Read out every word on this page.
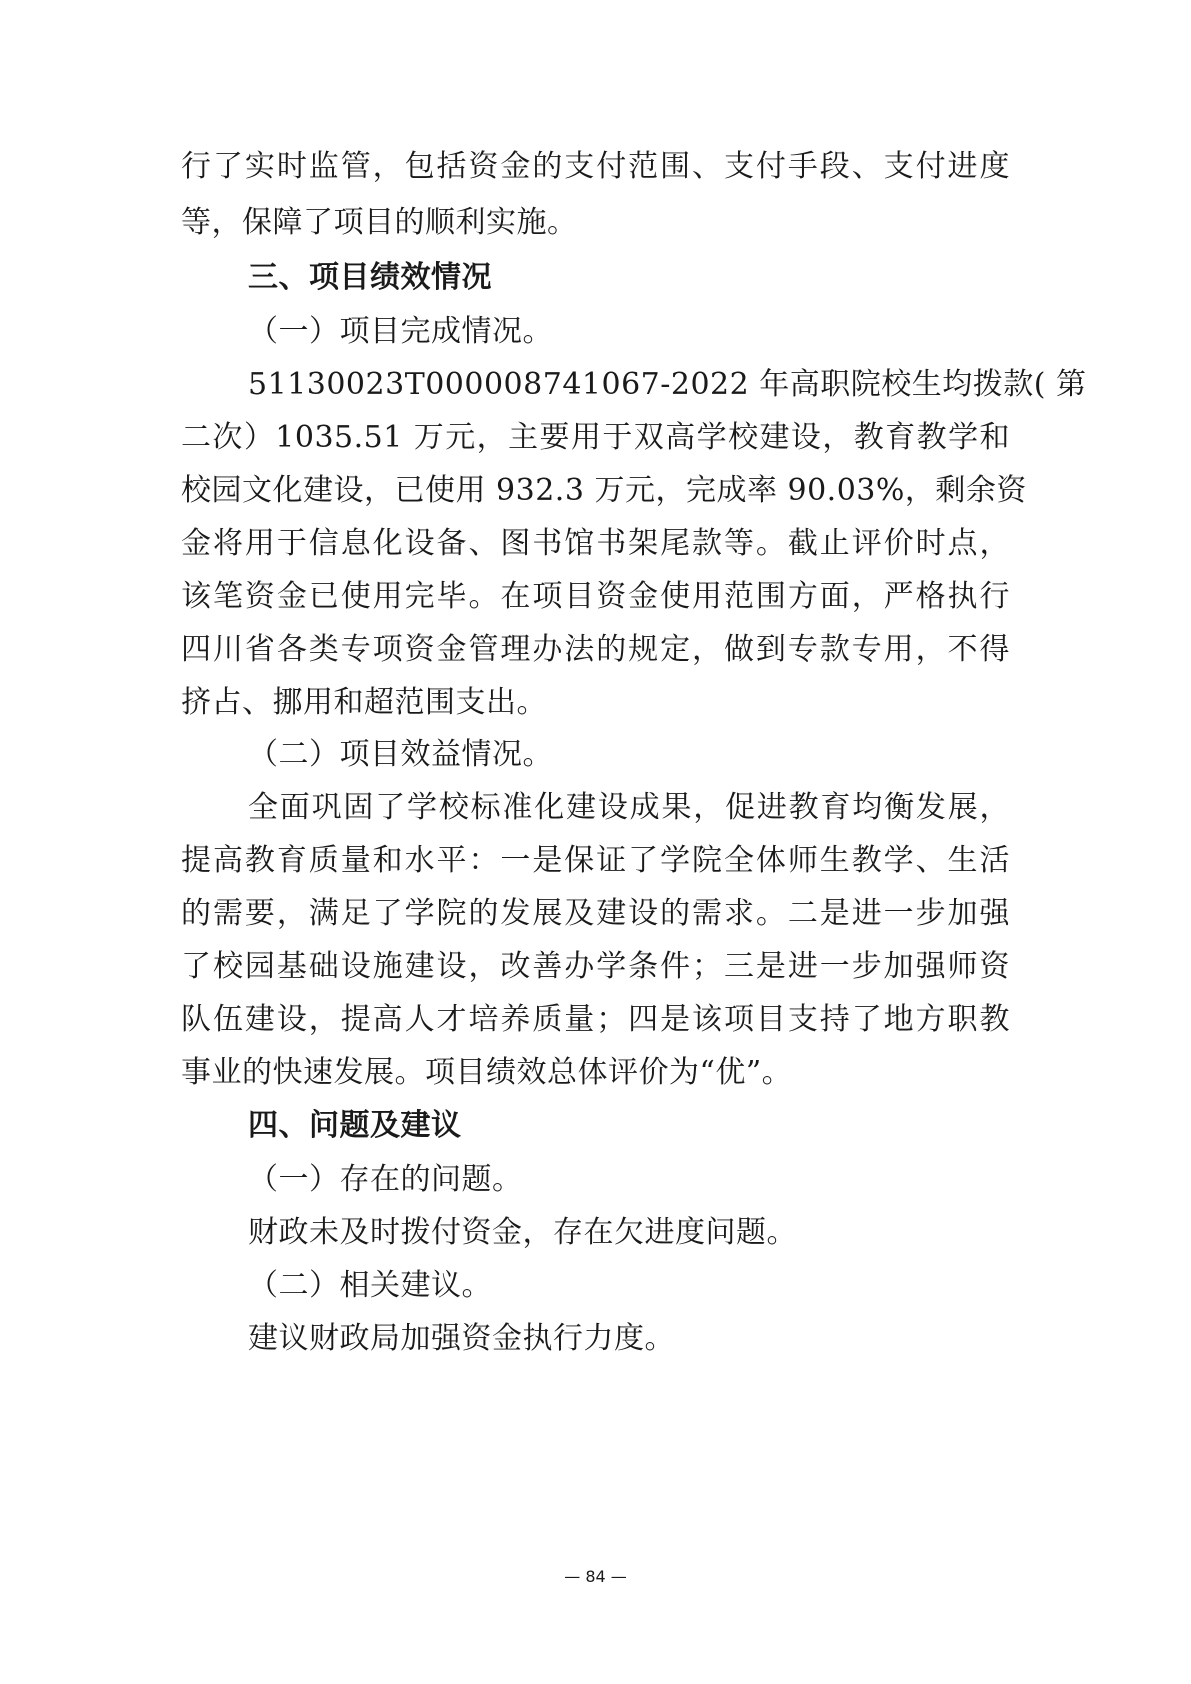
行了实时监管，包括资金的支付范围、支付手段、支付进度
等，保障了项目的顺利实施。
三、项目绩效情况
（一）项目完成情况。
51130023T000008741067-2022 年高职院校生均拨款( 第
二次）1035.51 万元，主要用于双高学校建设，教育教学和
校园文化建设，已使用 932.3 万元，完成率 90.03%，剩余资
金将用于信息化设备、图书馆书架尾款等。截止评价时点，
该笔资金已使用完毕。在项目资金使用范围方面，严格执行
四川省各类专项资金管理办法的规定，做到专款专用，不得
挤占、挪用和超范围支出。
（二）项目效益情况。
全面巩固了学校标准化建设成果，促进教育均衡发展，
提高教育质量和水平：一是保证了学院全体师生教学、生活
的需要，满足了学院的发展及建设的需求。二是进一步加强
了校园基础设施建设，改善办学条件；三是进一步加强师资
队伍建设，提高人才培养质量；四是该项目支持了地方职教
事业的快速发展。项目绩效总体评价为“优”。
四、问题及建议
（一）存在的问题。
财政未及时拨付资金，存在欠进度问题。
（二）相关建议。
建议财政局加强资金执行力度。
— 84 —
